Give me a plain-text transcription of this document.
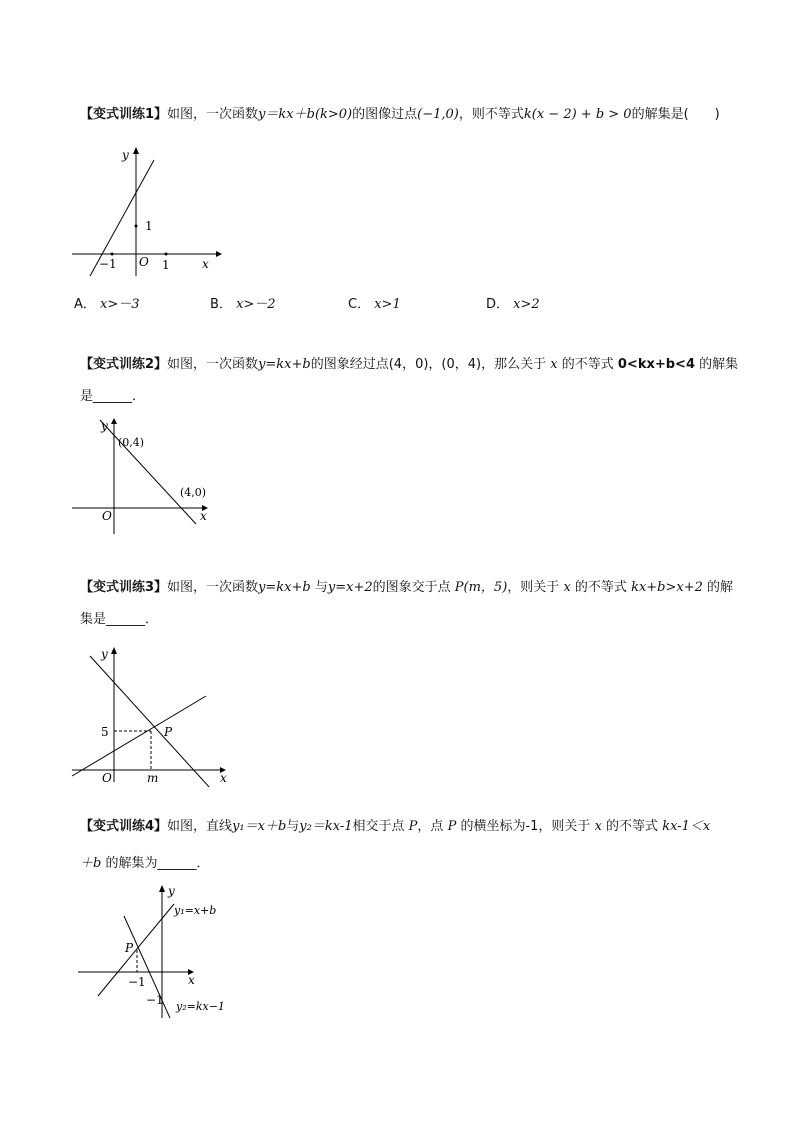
【变式训练1】如图，一次函数y＝kx＋b(k>0)的图像过点(−1,0)，则不等式k(x − 2) + b > 0的解集是(　　)
y
x
O
1
−1	1
A． x>－3	B． x>－2	C． x>1	D． x>2
【变式训练2】如图，一次函数y=kx+b的图象经过点(4，0)，(0，4)，那么关于 x 的不等式 0<kx+b<4 的解集
是______．
y
x
O
(0,4)
(4,0)
【变式训练3】如图，一次函数y=kx+b 与y=x+2的图象交于点 P(m，5)，则关于 x 的不等式 kx+b>x+2 的解
集是______．
y
x
O
5	P
m
【变式训练4】如图，直线y₁＝x＋b与y₂＝kx-1相交于点 P，点 P 的横坐标为-1，则关于 x 的不等式 kx-1＜x
＋b 的解集为______．
y
x
P
−1
−1
y₁=x+b
y₂=kx−1
